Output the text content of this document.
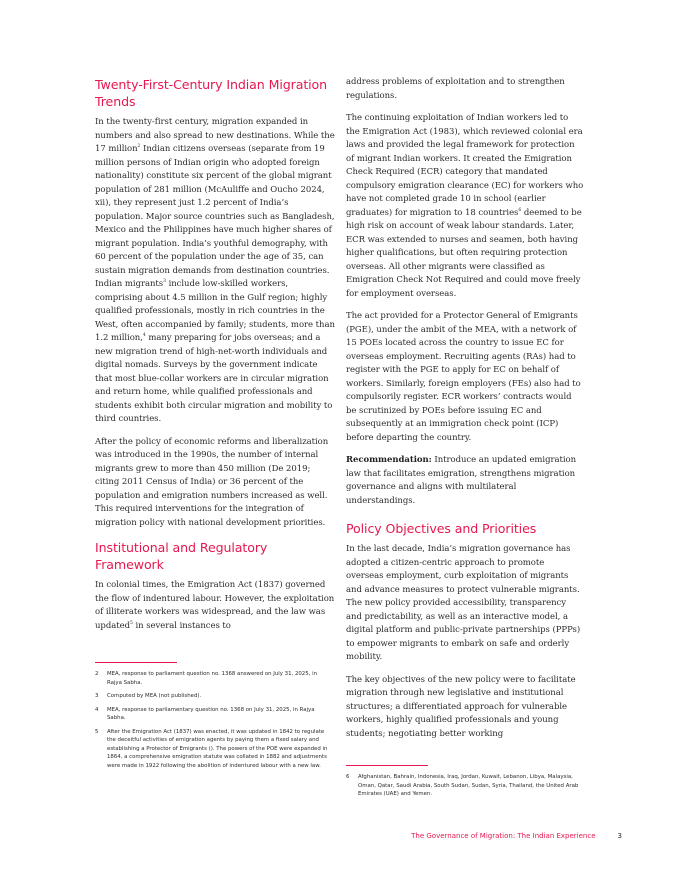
Twenty-First-Century Indian Migration Trends

In the twenty-first century, migration expanded in numbers and also spread to new destinations. While the 17 million$^2$ Indian citizens overseas (separate from 19 million persons of Indian origin who adopted foreign nationality) constitute six percent of the global migrant population of 281 million (McAuliffe and Oucho 2024, xii), they represent just 1.2 percent of India’s population. Major source countries such as Bangladesh, Mexico and the Philippines have much higher shares of migrant population. India’s youthful demography, with 60 percent of the population under the age of 35, can sustain migration demands from destination countries. Indian migrants$^3$ include low-skilled workers, comprising about 4.5 million in the Gulf region; highly qualified professionals, mostly in rich countries in the West, often accompanied by family; students, more than 1.2 million,$^4$ many preparing for jobs overseas; and a new migration trend of high-net-worth individuals and digital nomads. Surveys by the government indicate that most blue-collar workers are in circular migration and return home, while qualified professionals and students exhibit both circular migration and mobility to third countries.

After the policy of economic reforms and liberalization was introduced in the 1990s, the number of internal migrants grew to more than 450 million (De 2019; citing 2011 Census of India) or 36 percent of the population and emigration numbers increased as well. This required interventions for the integration of migration policy with national development priorities.

Institutional and Regulatory Framework

In colonial times, the Emigration Act (1837) governed the flow of indentured labour. However, the exploitation of illiterate workers was widespread, and the law was updated$^5$ in several instances to

address problems of exploitation and to strengthen regulations.

The continuing exploitation of Indian workers led to the Emigration Act (1983), which reviewed colonial era laws and provided the legal framework for protection of migrant Indian workers. It created the Emigration Check Required (ECR) category that mandated compulsory emigration clearance (EC) for workers who have not completed grade 10 in school (earlier graduates) for migration to 18 countries$^6$ deemed to be high risk on account of weak labour standards. Later, ECR was extended to nurses and seamen, both having higher qualifications, but often requiring protection overseas. All other migrants were classified as Emigration Check Not Required and could move freely for employment overseas.

The act provided for a Protector General of Emigrants (PGE), under the ambit of the MEA, with a network of 15 POEs located across the country to issue EC for overseas employment. Recruiting agents (RAs) had to register with the PGE to apply for EC on behalf of workers. Similarly, foreign employers (FEs) also had to compulsorily register. ECR workers’ contracts would be scrutinized by POEs before issuing EC and subsequently at an immigration check point (ICP) before departing the country.

Recommendation: Introduce an updated emigration law that facilitates emigration, strengthens migration governance and aligns with multilateral understandings.

Policy Objectives and Priorities

In the last decade, India’s migration governance has adopted a citizen-centric approach to promote overseas employment, curb exploitation of migrants and advance measures to protect vulnerable migrants. The new policy provided accessibility, transparency and predictability, as well as an interactive model, a digital platform and public-private partnerships (PPPs) to empower migrants to embark on safe and orderly mobility.

The key objectives of the new policy were to facilitate migration through new legislative and institutional structures; a differentiated approach for vulnerable workers, highly qualified professionals and young students; negotiating better working

2	MEA, response to parliament question no. 1368 answered on July 31, 2025, in Rajya Sabha.
3	Computed by MEA (not published).
4	MEA, response to parliamentary question no. 1368 on July 31, 2025, in Rajya Sabha.
5	After the Emigration Act (1837) was enacted, it was updated in 1842 to regulate the deceitful activities of emigration agents by paying them a fixed salary and establishing a Protector of Emigrants (). The powers of the POE were expanded in 1864, a comprehensive emigration statute was collated in 1882 and adjustments were made in 1922 following the abolition of indentured labour with a new law.
6	Afghanistan, Bahrain, Indonesia, Iraq, Jordan, Kuwait, Lebanon, Libya, Malaysia, Oman, Qatar, Saudi Arabia, South Sudan, Sudan, Syria, Thailand, the United Arab Emirates (UAE) and Yemen.
The Governance of Migration: The Indian Experience	3
